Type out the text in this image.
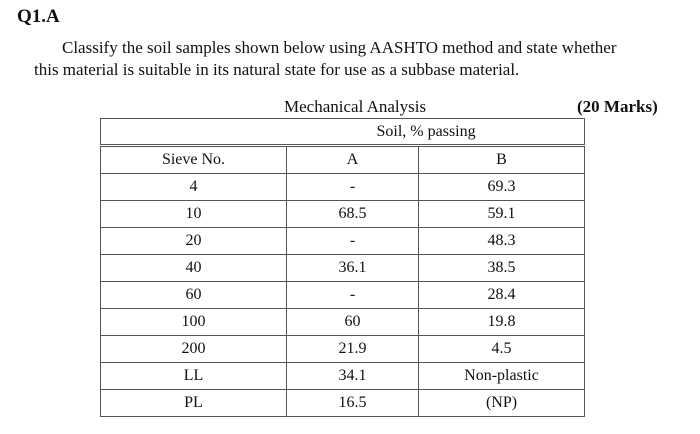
Q1.A
Classify the soil samples shown below using AASHTO method and state whether
this material is suitable in its natural state for use as a subbase material.
Mechanical Analysis	(20 Marks)
	Soil, % passing	
Sieve No.	A	B
4	-	69.3
10	68.5	59.1
20	-	48.3
40	36.1	38.5
60	-	28.4
100	60	19.8
200	21.9	4.5
LL	34.1	Non-plastic
PL	16.5	(NP)
